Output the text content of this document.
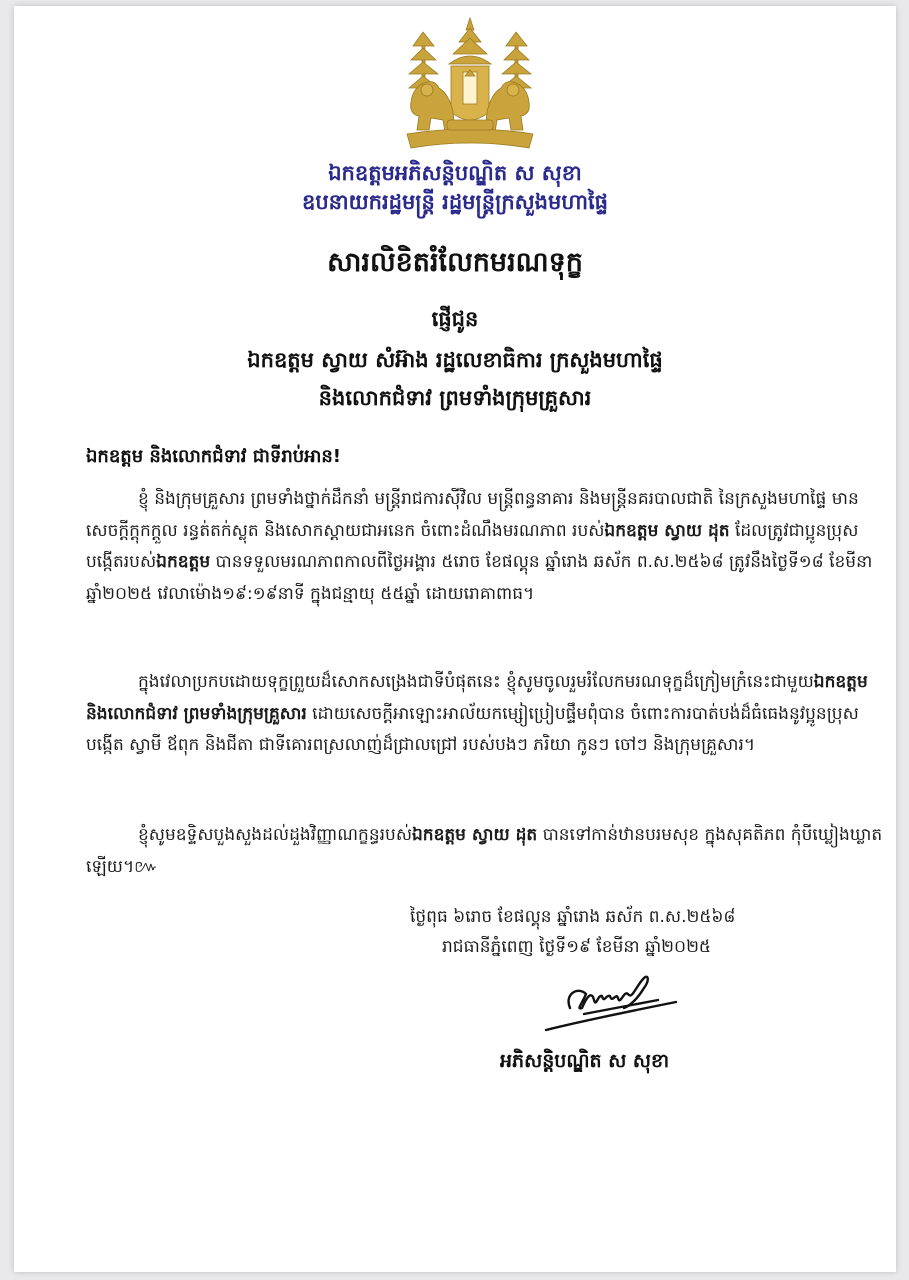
ឯកឧត្តមអភិសន្តិបណ្ឌិត ស សុខា
ឧបនាយករដ្ឋមន្ត្រី រដ្ឋមន្ត្រីក្រសួងមហាផ្ទៃ
សារលិខិតរំលែកមរណទុក្ខ
ផ្ញើជូន
ឯកឧត្តម ស្វាយ សំអ៊ាង រដ្ឋលេខាធិការ ក្រសួងមហាផ្ទៃ
និងលោកជំទាវ ព្រមទាំងក្រុមគ្រួសារ
ឯកឧត្តម និងលោកជំទាវ ជាទីរាប់អាន!
ខ្ញុំ និងក្រុមគ្រួសារ ព្រមទាំងថ្នាក់ដឹកនាំ មន្ត្រីរាជការស៊ីវិល មន្ត្រីពន្ធនាគារ និងមន្ត្រីនគរបាលជាតិ នៃក្រសួងមហាផ្ទៃ មានសេចក្តីក្តុកក្តួល រន្ធត់តក់ស្លុត និងសោកស្តាយជាអនេក ចំពោះដំណឹងមរណភាព របស់ឯកឧត្តម ស្វាយ ដុត ដែលត្រូវជាប្អូនប្រុសបង្កើតរបស់ឯកឧត្តម បានទទួលមរណភាពកាលពីថ្ងៃអង្គារ ៥រោច ខែផល្គុន ឆ្នាំរោង ឆស័ក ព.ស.២៥៦៨ ត្រូវនឹងថ្ងៃទី១៨ ខែមីនា ឆ្នាំ២០២៥ វេលាម៉ោង១៩:១៩នាទី ក្នុងជន្មាយុ ៥៥ឆ្នាំ ដោយរោគាពាធ។
ក្នុងវេលាប្រកបដោយទុក្ខព្រួយដ៏សោកសង្រេងជាទីបំផុតនេះ ខ្ញុំសូមចូលរួមរំលែកមរណទុក្ខដ៏ក្រៀមក្រំនេះជាមួយឯកឧត្តម និងលោកជំទាវ ព្រមទាំងក្រុមគ្រួសារ ដោយសេចក្តីអាឡោះអាល័យកម្សៀប្រៀបផ្ទឹមពុំបាន ចំពោះការបាត់បង់ដ៏ធំធេងនូវប្អូនប្រុសបង្កើត ស្វាមី ឪពុក និងជីតា ជាទីគោរពស្រលាញ់ដ៏ជ្រាលជ្រៅ របស់បងៗ ភរិយា កូនៗ ចៅៗ និងក្រុមគ្រួសារ។
ខ្ញុំសូមឧទ្ទិសបួងសួងដល់ដួងវិញ្ញាណក្ខន្ធរបស់ឯកឧត្តម ស្វាយ ដុត បានទៅកាន់ឋានបរមសុខ ក្នុងសុគតិភព កុំបីឃ្លៀងឃ្លាតឡើយ។៚
ថ្ងៃពុធ ៦រោច ខែផល្គុន ឆ្នាំរោង ឆស័ក ព.ស.២៥៦៨
រាជធានីភ្នំពេញ ថ្ងៃទី១៩ ខែមីនា ឆ្នាំ២០២៥
អភិសន្តិបណ្ឌិត ស សុខា
